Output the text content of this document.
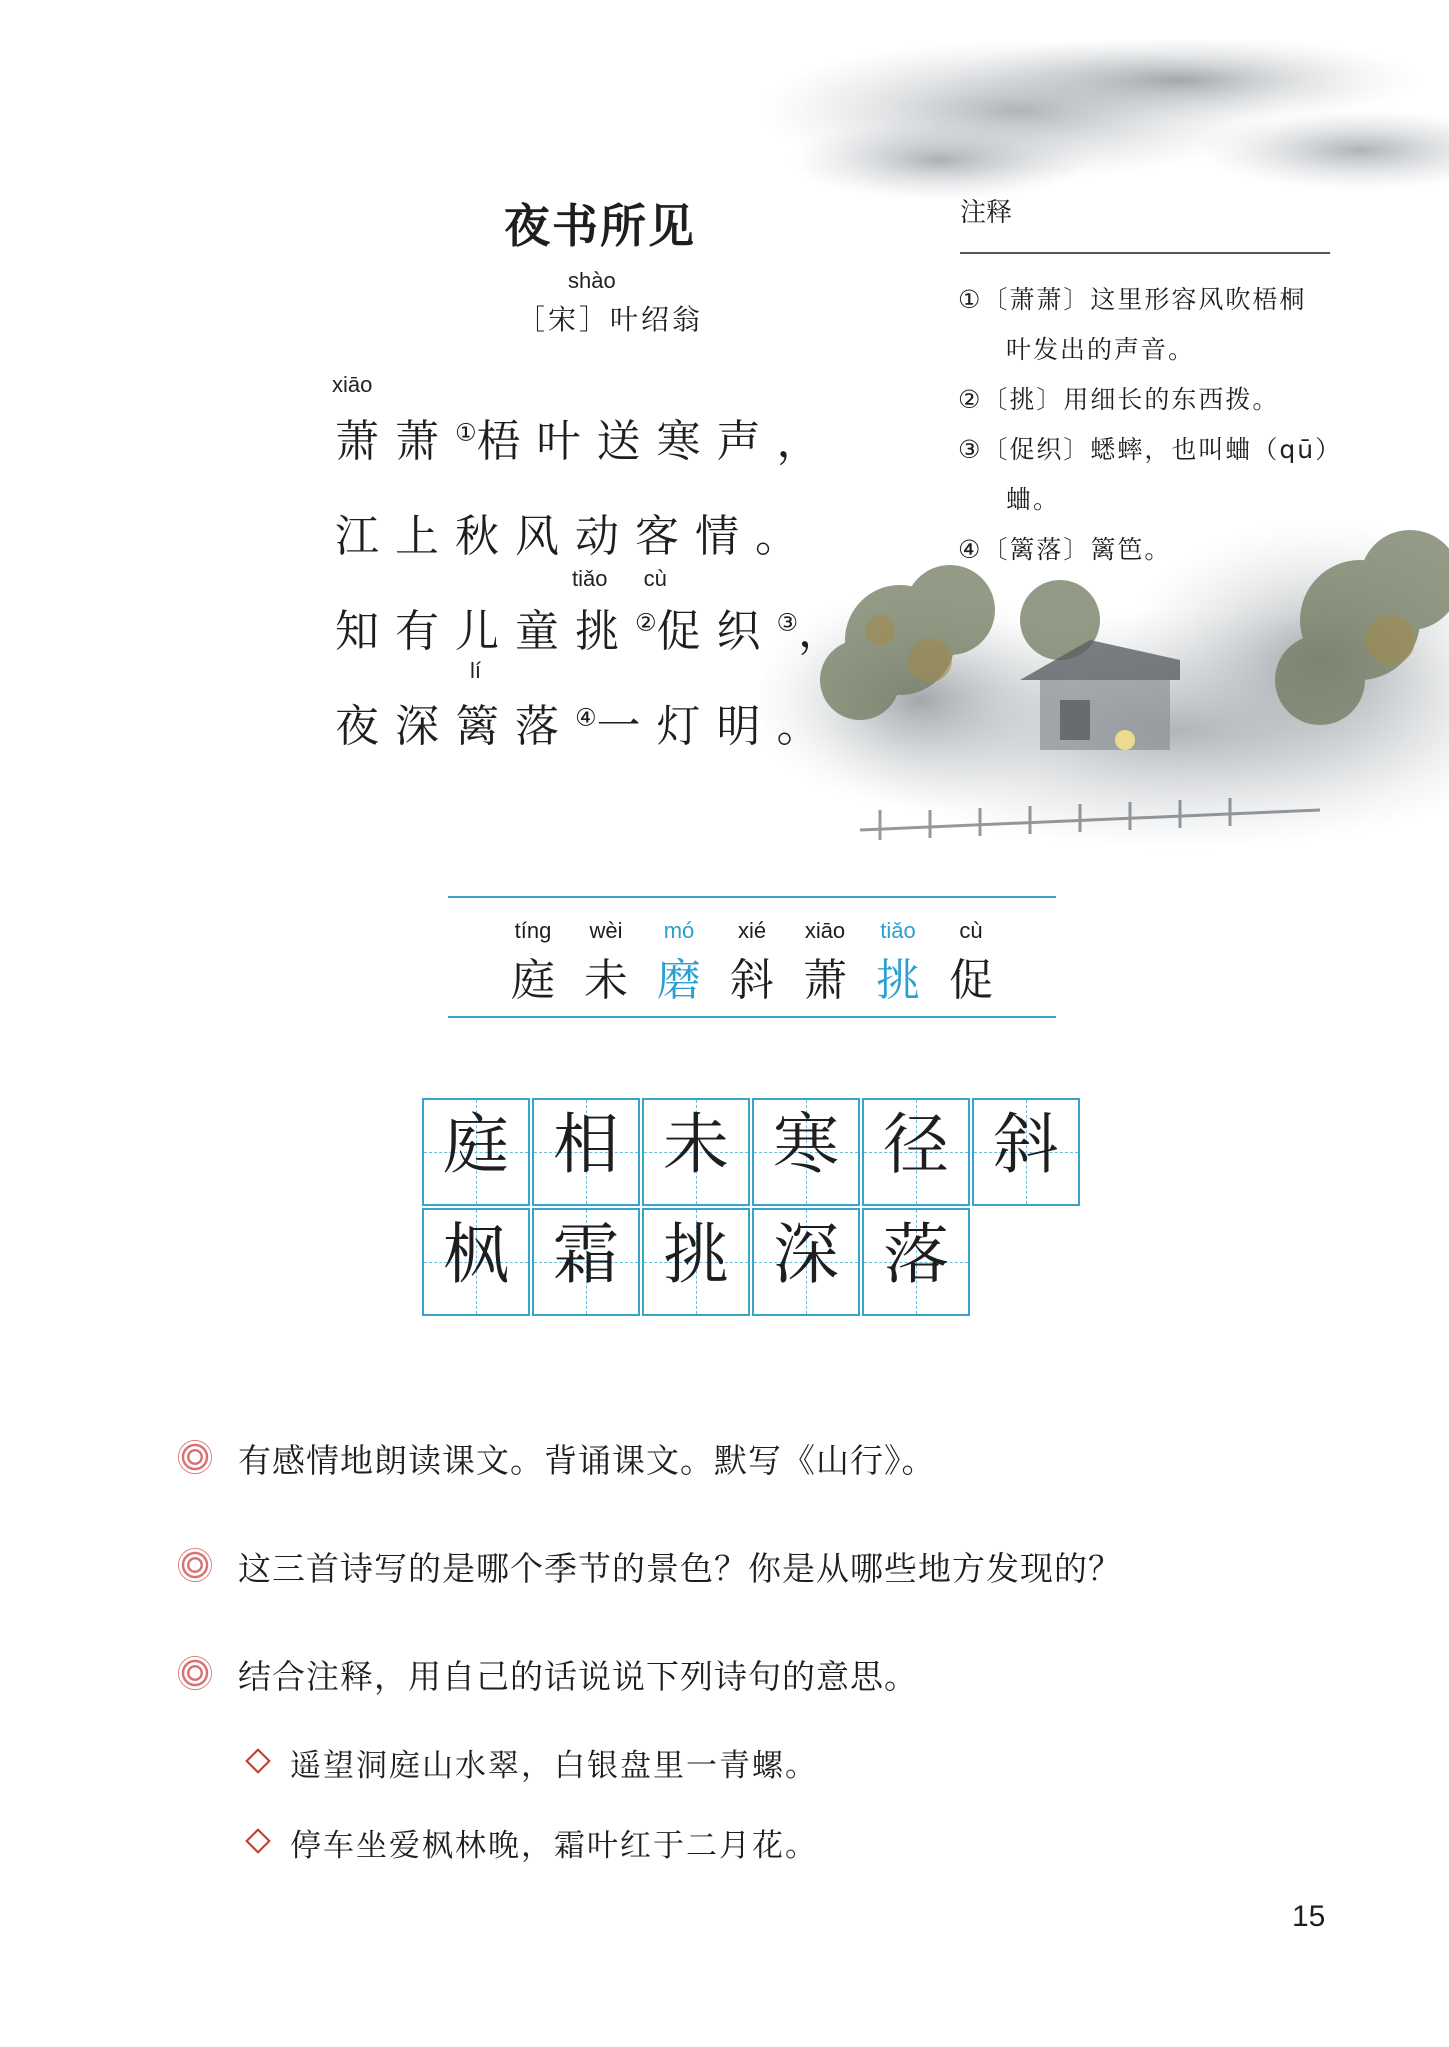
夜书所见
shào
［宋］叶绍翁
xiāo
萧萧①梧叶送寒声，
江上秋风动客情。
tiǎo cù
知有儿童挑②促织③，
lí
夜深篱落④一灯明。
注释
①〔萧萧〕这里形容风吹梧桐
叶发出的声音。
②〔挑〕用细长的东西拨。
③〔促织〕蟋蟀，也叫蛐（qū）
蛐。
④〔篱落〕篱笆。
tíng
庭
wèi
未
mó
磨
xié
斜
xiāo
萧
tiǎo
挑
cù
促
庭 相 未 寒 径 斜
枫 霜 挑 深 落
有感情地朗读课文。背诵课文。默写《山行》。
这三首诗写的是哪个季节的景色？你是从哪些地方发现的？
结合注释，用自己的话说说下列诗句的意思。
遥望洞庭山水翠，白银盘里一青螺。
停车坐爱枫林晚，霜叶红于二月花。
15
